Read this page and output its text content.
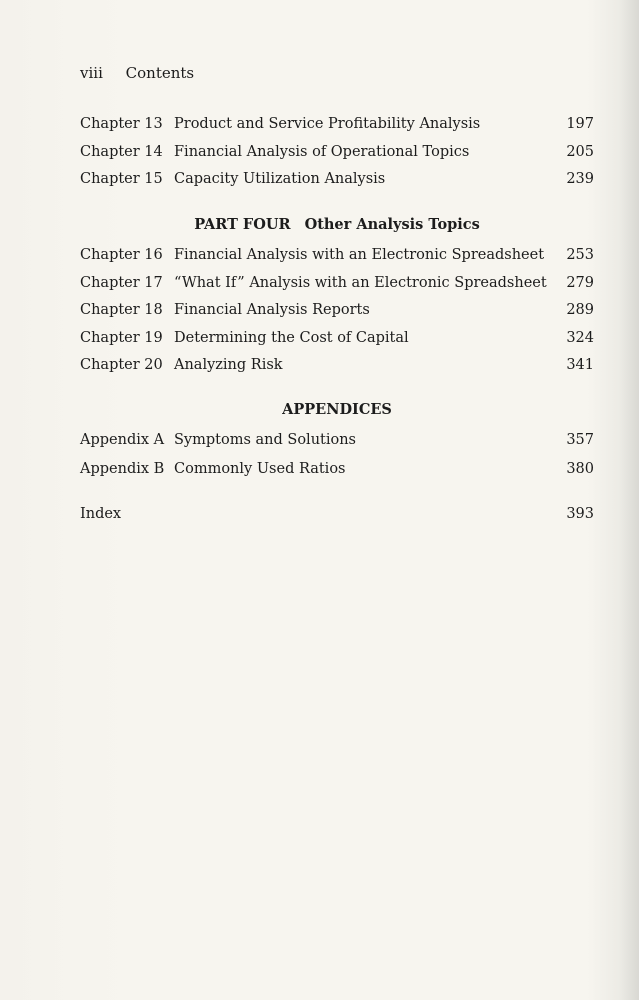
viii Contents
Chapter 13 Product and Service Profitability Analysis	197
Chapter 14 Financial Analysis of Operational Topics	205
Chapter 15 Capacity Utilization Analysis	239
PART FOUR Other Analysis Topics
Chapter 16 Financial Analysis with an Electronic Spreadsheet 253
Chapter 17 “What If” Analysis with an Electronic Spreadsheet 279
Chapter 18 Financial Analysis Reports	289
Chapter 19 Determining the Cost of Capital	324
Chapter 20 Analyzing Risk	341
APPENDICES
Appendix A Symptoms and Solutions	357
Appendix B Commonly Used Ratios	380
Index	393
